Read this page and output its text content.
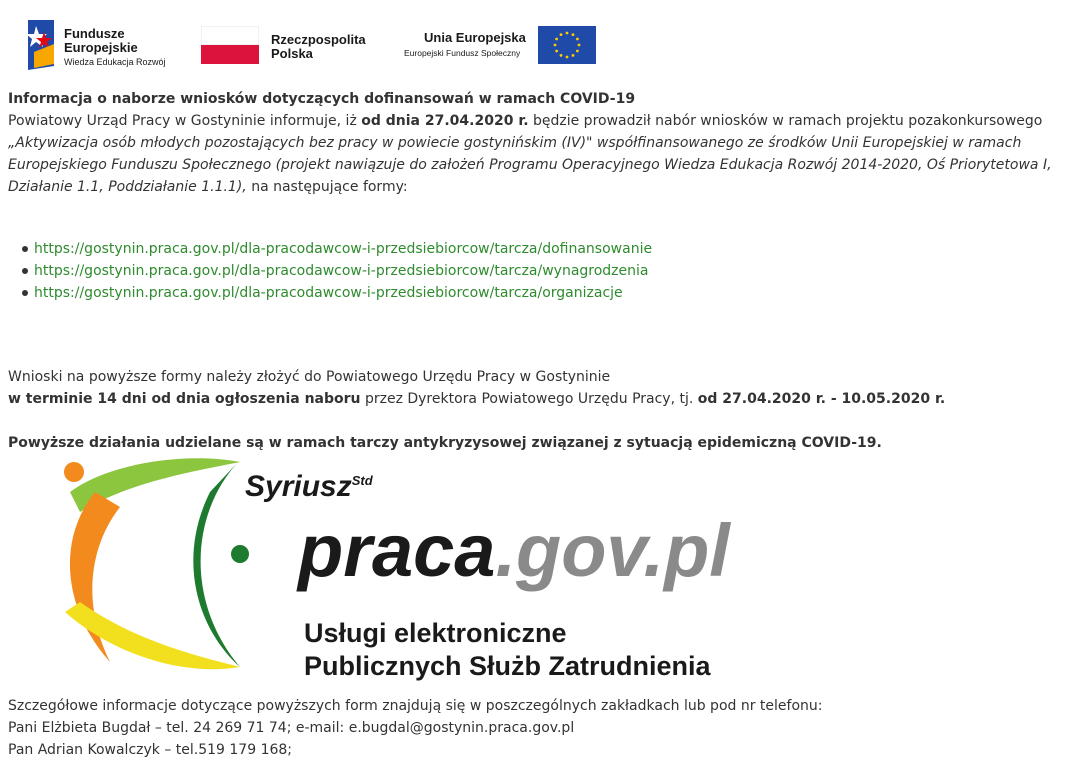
Fundusze
Europejskie
Wiedza Edukacja Rozwój
Rzeczpospolita
Polska
Unia Europejska
Europejski Fundusz Społeczny
Informacja o naborze wniosków dotyczących dofinansowań w ramach COVID-19
Powiatowy Urząd Pracy w Gostyninie informuje, iż od dnia 27.04.2020 r. będzie prowadził nabór wniosków w ramach projektu pozakonkursowego
„Aktywizacja osób młodych pozostających bez pracy w powiecie gostynińskim (IV)" współfinansowanego ze środków Unii Europejskiej w ramach
Europejskiego Funduszu Społecznego (projekt nawiązuje do założeń Programu Operacyjnego Wiedza Edukacja Rozwój 2014-2020, Oś Priorytetowa I,
Działanie 1.1, Poddziałanie 1.1.1), na następujące formy:
https://gostynin.praca.gov.pl/dla-pracodawcow-i-przedsiebiorcow/tarcza/dofinansowanie
https://gostynin.praca.gov.pl/dla-pracodawcow-i-przedsiebiorcow/tarcza/wynagrodzenia
https://gostynin.praca.gov.pl/dla-pracodawcow-i-przedsiebiorcow/tarcza/organizacje
Wnioski na powyższe formy należy złożyć do Powiatowego Urzędu Pracy w Gostyninie
w terminie 14 dni od dnia ogłoszenia naboru przez Dyrektora Powiatowego Urzędu Pracy, tj. od 27.04.2020 r. - 10.05.2020 r.
Powyższe działania udzielane są w ramach tarczy antykryzysowej związanej z sytuacją epidemiczną COVID-19.
Syriusz$^{Std}$
praca.gov.pl
Usługi elektroniczne
Publicznych Służb Zatrudnienia
Szczegółowe informacje dotyczące powyższych form znajdują się w poszczególnych zakładkach lub pod nr telefonu:
Pani Elżbieta Bugdał – tel. 24 269 71 74; e-mail: e.bugdal@gostynin.praca.gov.pl
Pan Adrian Kowalczyk – tel.519 179 168;
